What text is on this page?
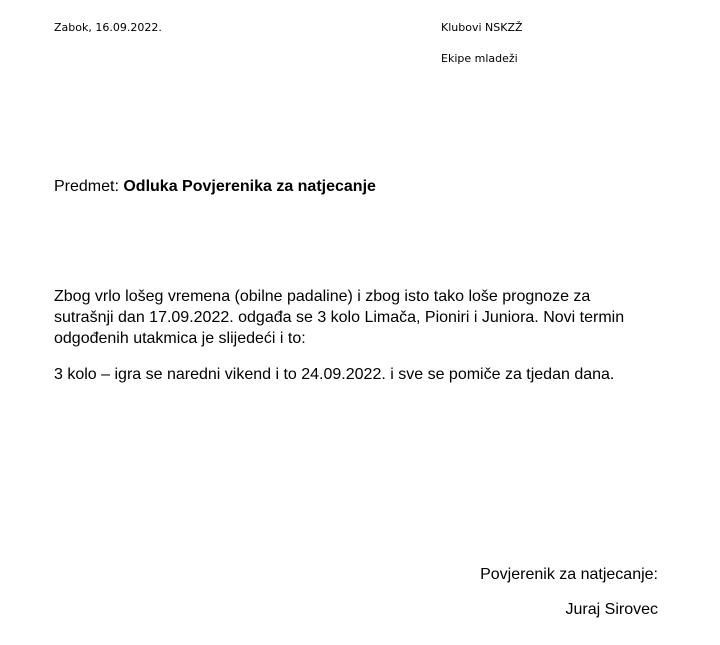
Zabok, 16.09.2022.	Klubovi NSKZŽ
Ekipe mladeži
Predmet: Odluka Povjerenika za natjecanje
Zbog vrlo lošeg vremena (obilne padaline) i zbog isto tako loše prognoze za sutrašnji dan 17.09.2022. odgađa se 3 kolo Limača, Pioniri i Juniora. Novi termin odgođenih utakmica je slijedeći i to:
3 kolo – igra se naredni vikend i to 24.09.2022. i sve se pomiče za tjedan dana.
Povjerenik za natjecanje:
Juraj Sirovec
